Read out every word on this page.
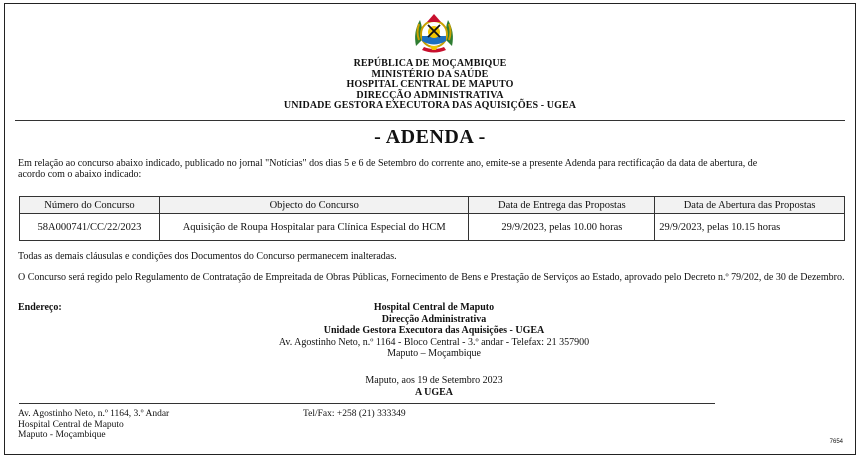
REPÚBLICA DE MOÇAMBIQUE
MINISTÉRIO DA SAÚDE
HOSPITAL CENTRAL DE MAPUTO
DIRECÇÃO ADMINISTRATIVA
UNIDADE GESTORA EXECUTORA DAS AQUISIÇÕES - UGEA
- ADENDA -
Em relação ao concurso abaixo indicado, publicado no jornal "Notícias" dos dias 5 e 6 de Setembro do corrente ano, emite-se a presente Adenda para rectificação da data de abertura, de acordo com o abaixo indicado:
Número do Concurso	Objecto do Concurso	Data de Entrega das Propostas	Data de Abertura das Propostas
58A000741/CC/22/2023	Aquisição de Roupa Hospitalar para Clínica Especial do HCM	29/9/2023, pelas 10.00 horas	29/9/2023, pelas 10.15 horas
Todas as demais cláusulas e condições dos Documentos do Concurso permanecem inalteradas.
O Concurso será regido pelo Regulamento de Contratação de Empreitada de Obras Públicas, Fornecimento de Bens e Prestação de Serviços ao Estado, aprovado pelo Decreto n.º 79/202, de 30 de Dezembro.
Endereço:	Hospital Central de Maputo
Direcção Administrativa
Unidade Gestora Executora das Aquisições - UGEA
Av. Agostinho Neto, n.º 1164 - Bloco Central - 3.º andar - Telefax: 21 357900
Maputo – Moçambique
Maputo, aos 19 de Setembro 2023
A UGEA
Av. Agostinho Neto, n.º 1164, 3.º Andar
Hospital Central de Maputo
Maputo - Moçambique
Tel/Fax: +258 (21) 333349
7654
